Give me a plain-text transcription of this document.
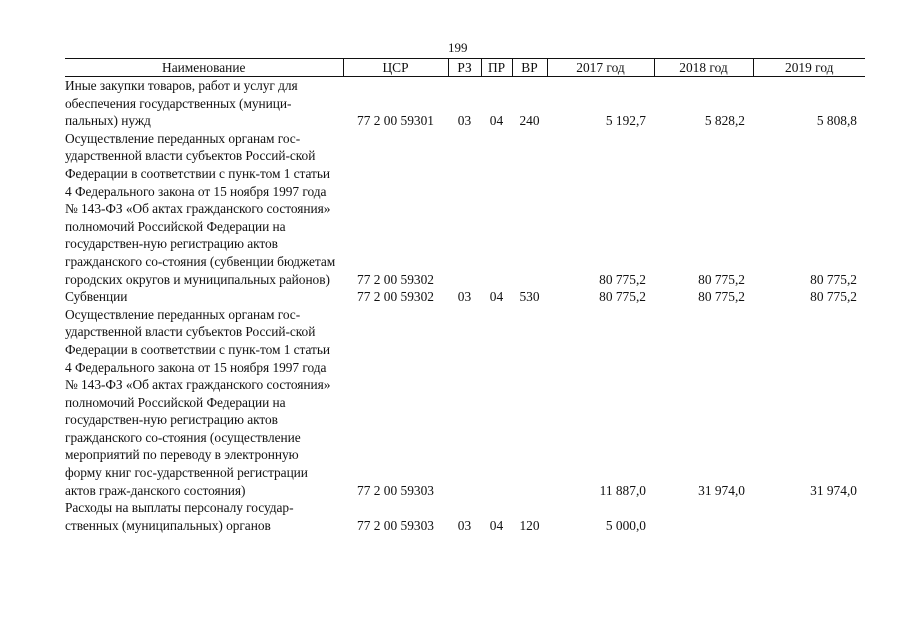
199
Наименование	ЦСР	РЗ	ПР	ВР	2017 год	2018 год	2019 год
Иные закупки товаров, работ и услуг для обеспечения государственных (муници-пальных) нужд	77 2 00 59301	03	04	240	5 192,7	5 828,2	5 808,8
Осуществление переданных органам гос-ударственной власти субъектов Россий-ской Федерации в соответствии с пунк-том 1 статьи 4 Федерального закона от 15 ноября 1997 года № 143-ФЗ «Об актах гражданского состояния» полномочий Российской Федерации на государствен-ную регистрацию актов гражданского со-стояния (субвенции бюджетам городских округов и муниципальных районов)	77 2 00 59302				80 775,2	80 775,2	80 775,2
Субвенции	77 2 00 59302	03	04	530	80 775,2	80 775,2	80 775,2
Осуществление переданных органам гос-ударственной власти субъектов Россий-ской Федерации в соответствии с пунк-том 1 статьи 4 Федерального закона от 15 ноября 1997 года № 143-ФЗ «Об актах гражданского состояния» полномочий Российской Федерации на государствен-ную регистрацию актов гражданского со-стояния (осуществление мероприятий по переводу в электронную форму книг гос-ударственной регистрации актов граж-данского состояния)	77 2 00 59303				11 887,0	31 974,0	31 974,0
Расходы на выплаты персоналу государ-ственных (муниципальных) органов	77 2 00 59303	03	04	120	5 000,0		
